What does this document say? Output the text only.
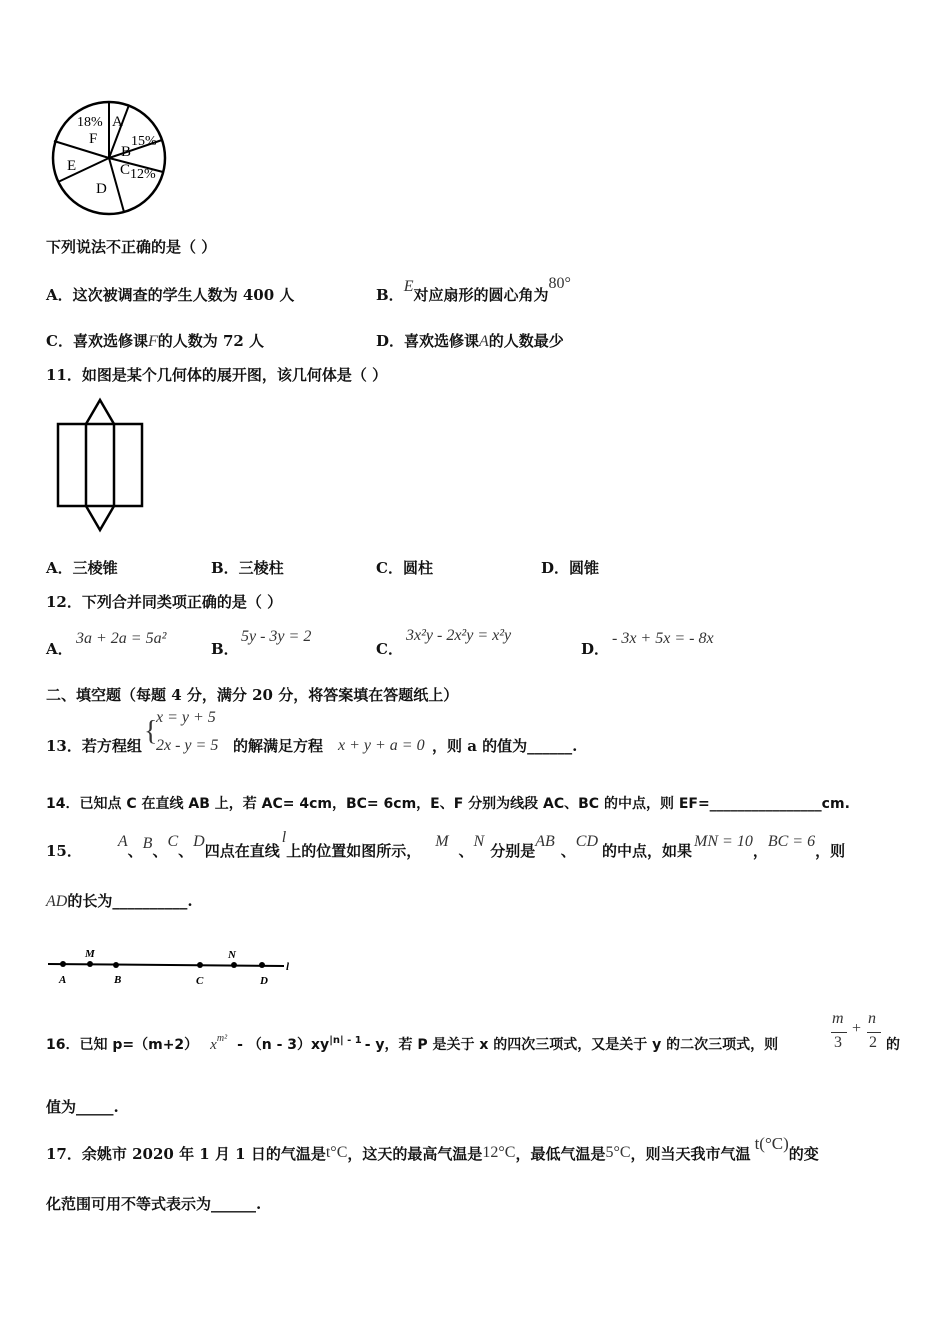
18%
F
A
B
15%
C 12%
E
D
下列说法不正确的是（ ）
A．这次被调查的学生人数为 400 人	B．E对应扇形的圆心角为80°
C．喜欢选修课F的人数为 72 人	D．喜欢选修课A的人数最少
11．如图是某个几何体的展开图，该几何体是（ ）
A．三棱锥	B．三棱柱	C．圆柱	D．圆锥
12．下列合并同类项正确的是（ ）
A．
3a + 2a = 5a²
B．
5y - 3y = 2
C．
3x²y - 2x²y = x²y
D．
- 3x + 5x = - 8x
二、填空题（每题 4 分，满分 20 分，将答案填在答题纸上）
13．若方程组 {
x = y + 5
2x - y = 5 的解满足方程 x + y + a = 0 ，则 a 的值为______.
14．已知点 C 在直线 AB 上，若 AC= 4cm，BC= 6cm，E、F 分别为线段 AC、BC 的中点，则 EF=________________cm.
15．A、B、C、D四点在直线l上的位置如图所示，M、N分别是AB、CD的中点，如果MN = 10，BC = 6，则
AD的长为__________.
M	N
A	B	C	D
l
16．已知 p=（m+2） $x^{m^2} - (n - 3)xy^{|n| - 1}$ - y，若 P 是关于 x 的四次三项式，又是关于 y 的二次三项式，则
m
3
+
n
2 的
值为_____.
17．余姚市 2020 年 1 月 1 日的气温是t°C，这天的最高气温是12°C，最低气温是5°C，则当天我市气温t(°C)的变
化范围可用不等式表示为______.
